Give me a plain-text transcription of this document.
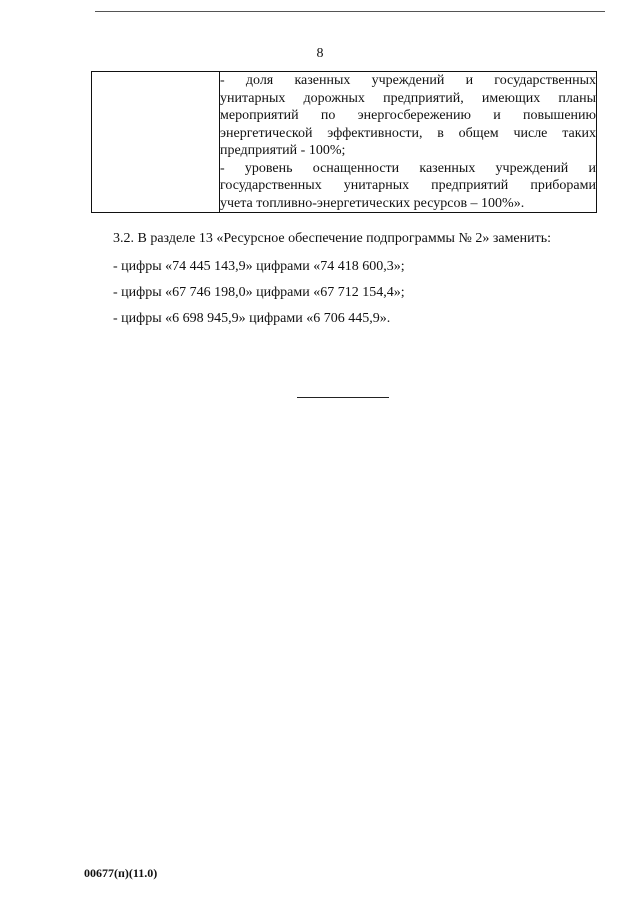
8

- доля казенных учреждений и государственных
унитарных дорожных предприятий, имеющих планы
мероприятий по энергосбережению и повышению
энергетической эффективности, в общем числе таких
предприятий - 100%;
- уровень оснащенности казенных учреждений и
государственных унитарных предприятий приборами
учета топливно-энергетических ресурсов – 100%».
3.2. В разделе 13 «Ресурсное обеспечение подпрограммы № 2» заменить:
- цифры «74 445 143,9» цифрами «74 418 600,3»;
- цифры «67 746 198,0» цифрами «67 712 154,4»;
- цифры «6 698 945,9» цифрами «6 706 445,9».
00677(п)(11.0)
